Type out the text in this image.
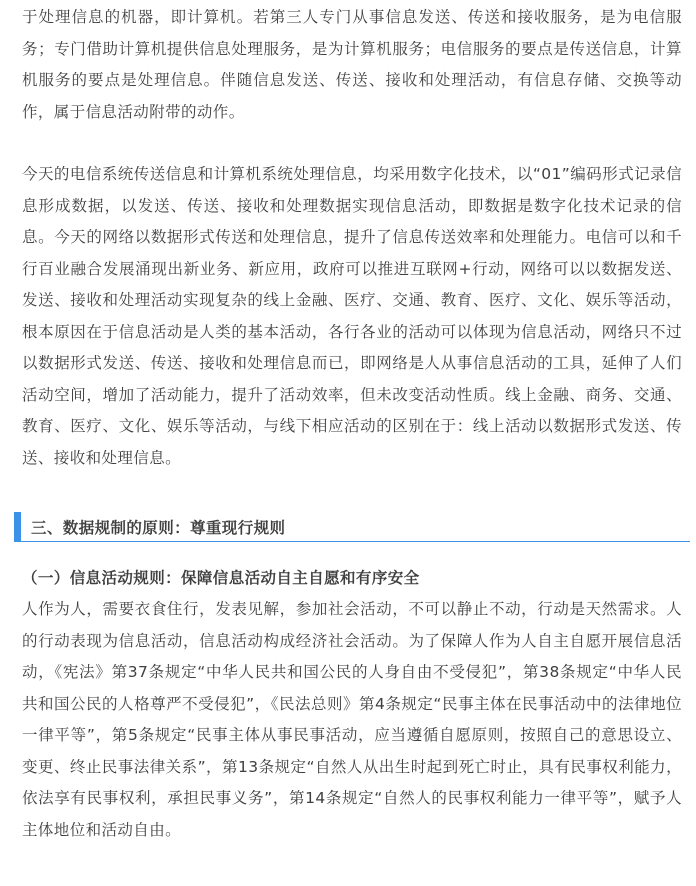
于处理信息的机器，即计算机。若第三人专门从事信息发送、传送和接收服务，是为电信服务；专门借助计算机提供信息处理服务，是为计算机服务；电信服务的要点是传送信息，计算机服务的要点是处理信息。伴随信息发送、传送、接收和处理活动，有信息存储、交换等动作，属于信息活动附带的动作。

今天的电信系统传送信息和计算机系统处理信息，均采用数字化技术，以“01”编码形式记录信息形成数据，以发送、传送、接收和处理数据实现信息活动，即数据是数字化技术记录的信息。今天的网络以数据形式传送和处理信息，提升了信息传送效率和处理能力。电信可以和千行百业融合发展涌现出新业务、新应用，政府可以推进互联网+行动，网络可以以数据发送、发送、接收和处理活动实现复杂的线上金融、医疗、交通、教育、医疗、文化、娱乐等活动，根本原因在于信息活动是人类的基本活动，各行各业的活动可以体现为信息活动，网络只不过以数据形式发送、传送、接收和处理信息而已，即网络是人从事信息活动的工具，延伸了人们活动空间，增加了活动能力，提升了活动效率，但未改变活动性质。线上金融、商务、交通、教育、医疗、文化、娱乐等活动，与线下相应活动的区别在于：线上活动以数据形式发送、传送、接收和处理信息。

三、数据规制的原则：尊重现行规则

（一）信息活动规则：保障信息活动自主自愿和有序安全

人作为人，需要衣食住行，发表见解，参加社会活动，不可以静止不动，行动是天然需求。人的行动表现为信息活动，信息活动构成经济社会活动。为了保障人作为人自主自愿开展信息活动，《宪法》第37条规定“中华人民共和国公民的人身自由不受侵犯”，第38条规定“中华人民共和国公民的人格尊严不受侵犯”，《民法总则》第4条规定“民事主体在民事活动中的法律地位一律平等”，第5条规定“民事主体从事民事活动，应当遵循自愿原则，按照自己的意思设立、变更、终止民事法律关系”，第13条规定“自然人从出生时起到死亡时止，具有民事权利能力，依法享有民事权利，承担民事义务”，第14条规定“自然人的民事权利能力一律平等”，赋予人主体地位和活动自由。
